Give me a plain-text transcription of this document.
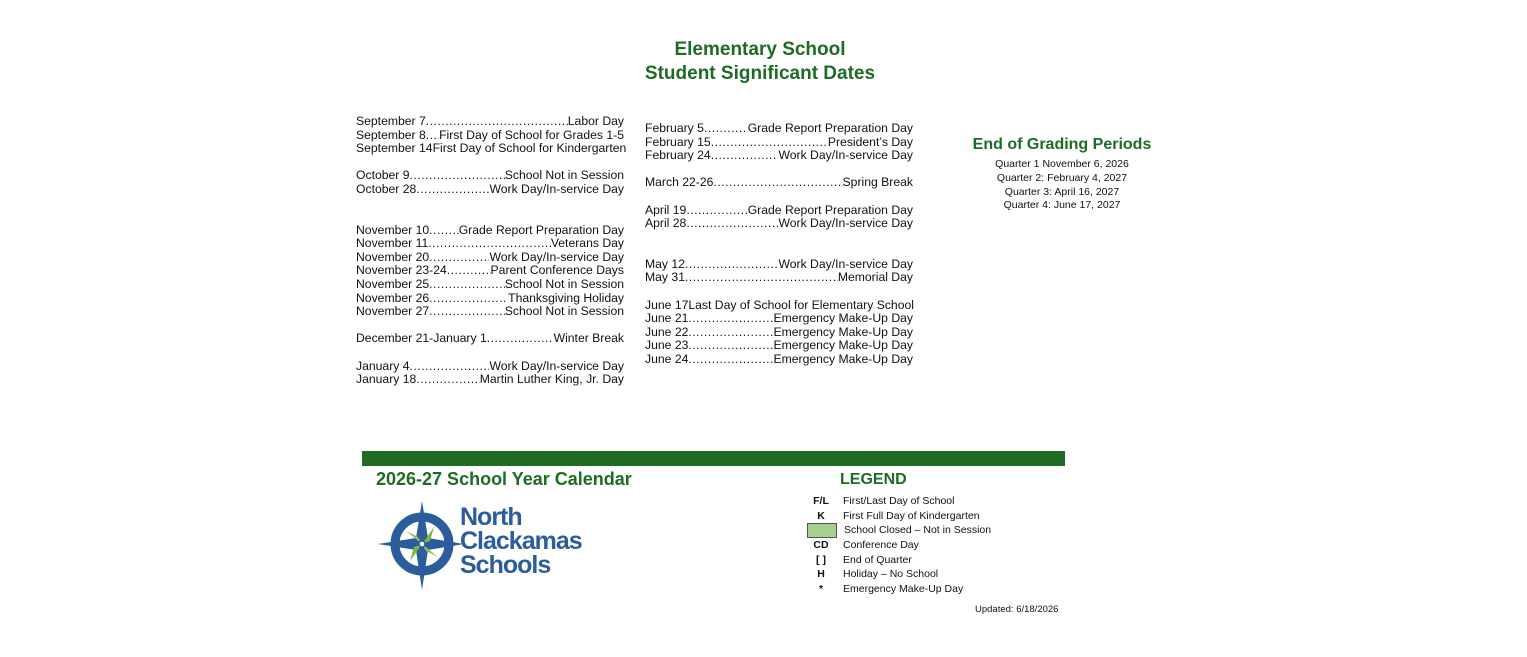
Elementary School
Student Significant Dates
September 7 .....	Labor Day
September 8 ..... First Day of School for Grades 1-5
September 14 First Day of School for Kindergarten
October 9 .....	School Not in Session
October 28 .....	Work Day/In-service Day
November 10 ..... Grade Report Preparation Day
November 11 .....	Veterans Day
November 20 .....	Work Day/In-service Day
November 23-24 .....	Parent Conference Days
November 25 .....	School Not in Session
November 26 .....	Thanksgiving Holiday
November 27 .....	School Not in Session
December 21-January 1 .....	Winter Break
January 4 .....	Work Day/In-service Day
January 18 .....	Martin Luther King, Jr. Day
February 5 .....	Grade Report Preparation Day
February 15 .....	President’s Day
February 24 .....	Work Day/In-service Day
March 22-26 .....	Spring Break
April 19 .....	Grade Report Preparation Day
April 28 .....	Work Day/In-service Day
May 12 .....	Work Day/In-service Day
May 31 .....	Memorial Day
June 17 Last Day of School for Elementary School
June 21 .....	Emergency Make-Up Day
June 22 .....	Emergency Make-Up Day
June 23 .....	Emergency Make-Up Day
June 24 .....	Emergency Make-Up Day
End of Grading Periods
Quarter 1 November 6, 2026
Quarter 2: February 4, 2027
Quarter 3: April 16, 2027
Quarter 4: June 17, 2027
2026-27 School Year Calendar
North
Clackamas
Schools
LEGEND
F/L	First/Last Day of School
K	First Full Day of Kindergarten
School Closed – Not in Session
CD	Conference Day
[ ]	End of Quarter
H	Holiday – No School
*	Emergency Make-Up Day
Updated: 6/18/2026
